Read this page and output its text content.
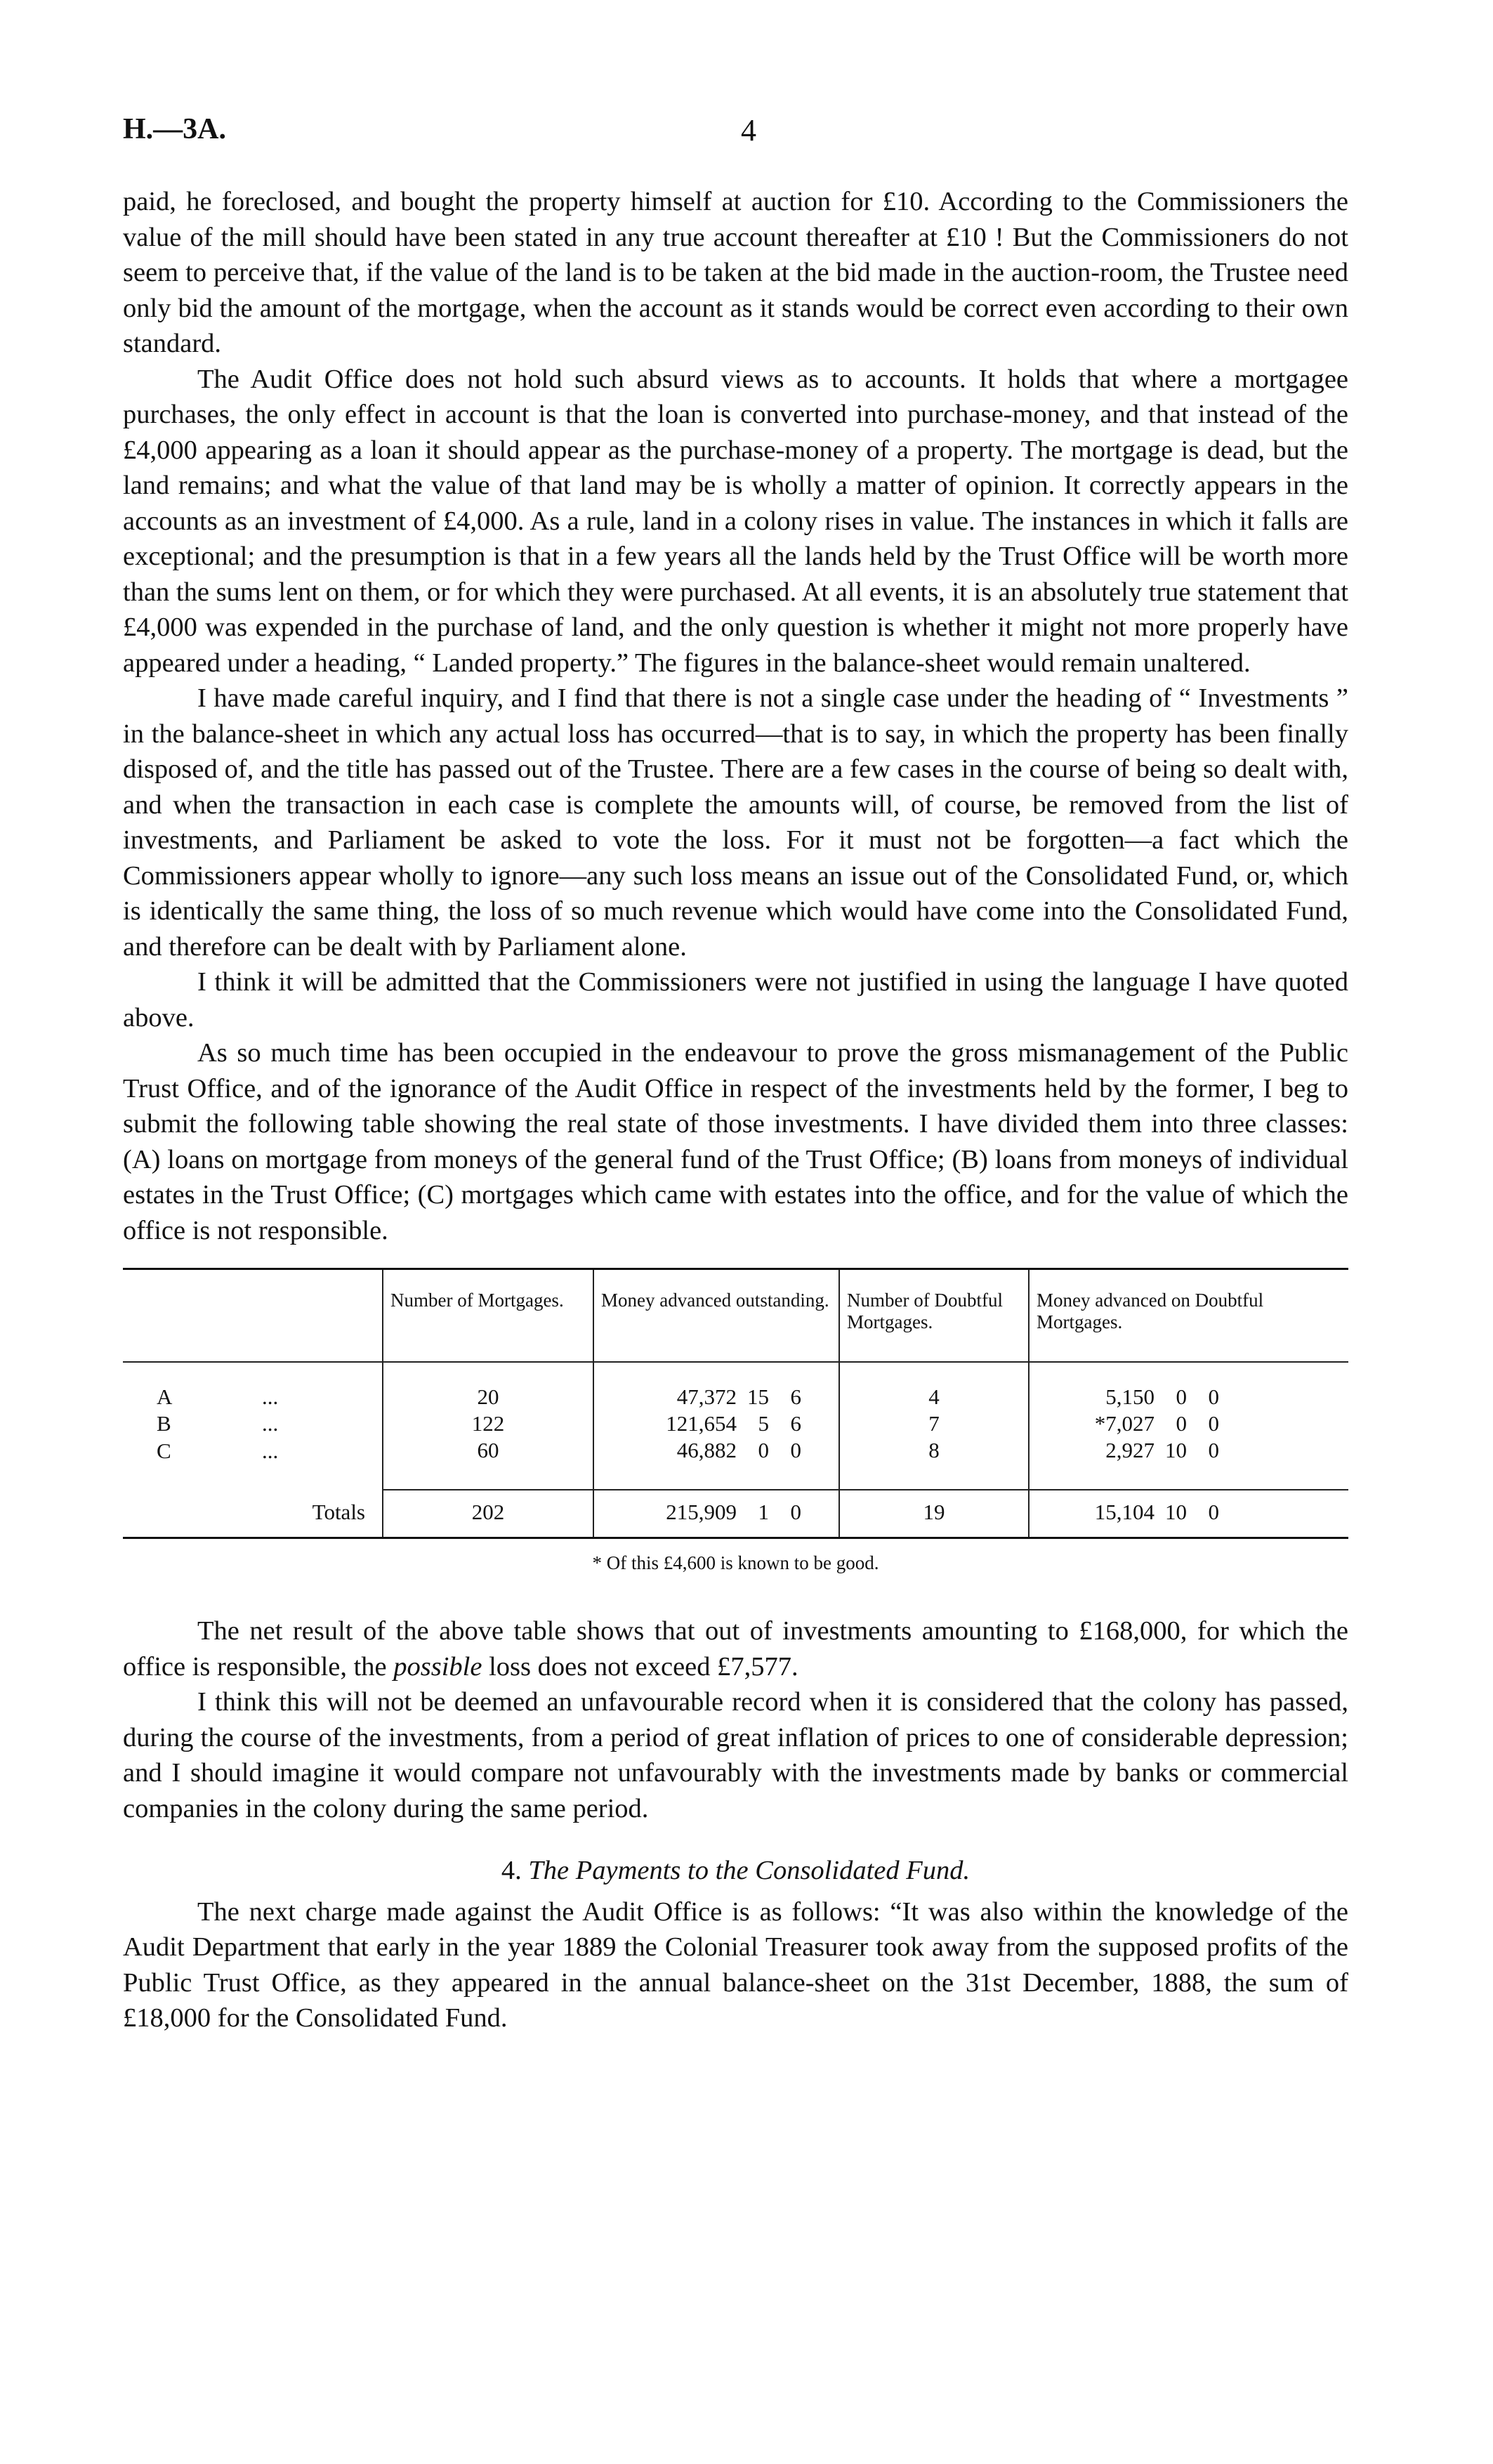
H.—3A.	4

paid, he foreclosed, and bought the property himself at auction for £10. According to the Commissioners the value of the mill should have been stated in any true account thereafter at £10 ! But the Commissioners do not seem to perceive that, if the value of the land is to be taken at the bid made in the auction-room, the Trustee need only bid the amount of the mortgage, when the account as it stands would be correct even according to their own standard.

The Audit Office does not hold such absurd views as to accounts. It holds that where a mortgagee purchases, the only effect in account is that the loan is converted into purchase-money, and that instead of the £4,000 appearing as a loan it should appear as the purchase-money of a property. The mortgage is dead, but the land remains; and what the value of that land may be is wholly a matter of opinion. It correctly appears in the accounts as an investment of £4,000. As a rule, land in a colony rises in value. The instances in which it falls are exceptional; and the presumption is that in a few years all the lands held by the Trust Office will be worth more than the sums lent on them, or for which they were purchased. At all events, it is an absolutely true statement that £4,000 was expended in the purchase of land, and the only question is whether it might not more properly have appeared under a heading, “ Landed property.” The figures in the balance-sheet would remain unaltered.

I have made careful inquiry, and I find that there is not a single case under the heading of “ Investments ” in the balance-sheet in which any actual loss has occurred—that is to say, in which the property has been finally disposed of, and the title has passed out of the Trustee. There are a few cases in the course of being so dealt with, and when the transaction in each case is complete the amounts will, of course, be removed from the list of investments, and Parliament be asked to vote the loss. For it must not be forgotten—a fact which the Commissioners appear wholly to ignore—any such loss means an issue out of the Consolidated Fund, or, which is identically the same thing, the loss of so much revenue which would have come into the Consolidated Fund, and therefore can be dealt with by Parliament alone.

I think it will be admitted that the Commissioners were not justified in using the language I have quoted above.

As so much time has been occupied in the endeavour to prove the gross mismanagement of the Public Trust Office, and of the ignorance of the Audit Office in respect of the investments held by the former, I beg to submit the following table showing the real state of those investments. I have divided them into three classes: (A) loans on mortgage from moneys of the general fund of the Trust Office; (B) loans from moneys of individual estates in the Trust Office; (C) mortgages which came with estates into the office, and for the value of which the office is not responsible.

	Number of Mortgages.	Money advanced outstanding.	Number of Doubtful Mortgages.	Money advanced on Doubtful Mortgages.
A ...	20	47,372 15 6	4	5,150 0 0
B ...	122	121,654 5 6	7	*7,027 0 0
C ...	60	46,882 0 0	8	2,927 10 0
Totals	202	215,909 1 0	19	15,104 10 0
* Of this £4,600 is known to be good.

The net result of the above table shows that out of investments amounting to £168,000, for which the office is responsible, the possible loss does not exceed £7,577.

I think this will not be deemed an unfavourable record when it is considered that the colony has passed, during the course of the investments, from a period of great inflation of prices to one of considerable depression; and I should imagine it would compare not unfavourably with the investments made by banks or commercial companies in the colony during the same period.

4. The Payments to the Consolidated Fund.

The next charge made against the Audit Office is as follows: “It was also within the knowledge of the Audit Department that early in the year 1889 the Colonial Treasurer took away from the supposed profits of the Public Trust Office, as they appeared in the annual balance-sheet on the 31st December, 1888, the sum of £18,000 for the Consolidated Fund.
